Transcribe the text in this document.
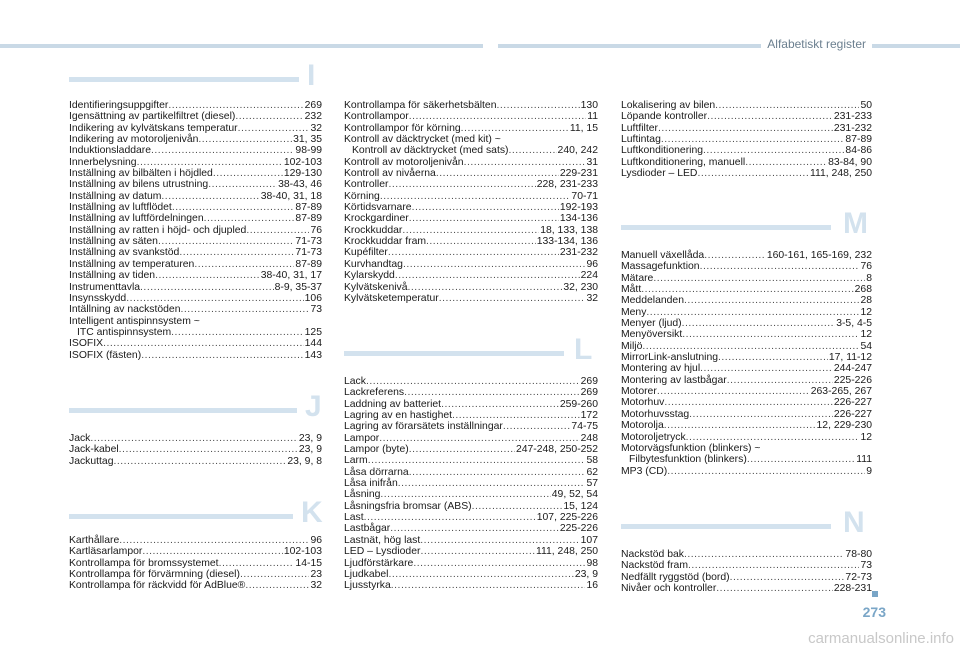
Alfabetiskt register
I
J
K
L
M
N
Identifieringsuppgifter .....	269
Igensättning av partikelfiltret (diesel) .....	232
Indikering av kylvätskans temperatur .....	32
Indikering av motoroljenivån .....	31, 35
Induktionsladdare .....	98-99
Innerbelysning .....	102-103
Inställning av bilbälten i höjdled .....	129-130
Inställning av bilens utrustning .....	38-43, 46
Inställning av datum .....	38-40, 31, 18
Inställning av luftflödet .....	87-89
Inställning av luftfördelningen .....	87-89
Inställning av ratten i höjd- och djupled .....	76
Inställning av säten .....	71-73
Inställning av svankstöd .....	71-73
Inställning av temperaturen .....	87-89
Inställning av tiden .....	38-40, 31, 17
Instrumenttavla .....	8-9, 35-37
Insynsskydd .....	106
Intällning av nackstöden .....	73
Intelligent antispinnsystem ~
ITC antispinnsystem .....	125
ISOFIX .....	144
ISOFIX (fästen) .....	143
Jack .....	23, 9
Jack-kabel .....	23, 9
Jackuttag .....	23, 9, 8
Karthållare .....	96
Kartläsarlampor .....	102-103
Kontrollampa för bromssystemet .....	14-15
Kontrollampa för förvärmning (diesel) .....	23
Kontrollampa för räckvidd för AdBlue® .....	32
Kontrollampa för säkerhetsbälten .....	130
Kontrollampor .....	11
Kontrollampor för körning .....	11, 15
Kontroll av däcktrycket (med kit) ~
Kontroll av däcktrycket (med sats) .....	240, 242
Kontroll av motoroljenivån .....	31
Kontroll av nivåerna .....	229-231
Kontroller .....	228, 231-233
Körning .....	70-71
Körtidsvarnare .....	192-193
Krockgardiner .....	134-136
Krockkuddar .....	18, 133, 138
Krockkuddar fram .....	133-134, 136
Kupéfilter .....	231-232
Kurvhandtag .....	96
Kylarskydd .....	224
Kylvätskenivå .....	32, 230
Kylvätsketemperatur .....	32
Lack .....	269
Lackreferens .....	269
Laddning av batteriet .....	259-260
Lagring av en hastighet .....	172
Lagring av förarsätets inställningar .....	74-75
Lampor .....	248
Lampor (byte) .....	247-248, 250-252
Larm .....	58
Låsa dörrarna .....	62
Låsa inifrån .....	57
Låsning .....	49, 52, 54
Låsningsfria bromsar (ABS) .....	15, 124
Last .....	107, 225-226
Lastbågar .....	225-226
Lastnät, hög last .....	107
LED – Lysdioder .....	111, 248, 250
Ljudförstärkare .....	98
Ljudkabel .....	23, 9
Ljusstyrka .....	16
Lokalisering av bilen .....	50
Löpande kontroller .....	231-233
Luftfilter .....	231-232
Luftintag .....	87-89
Luftkonditionering .....	84-86
Luftkonditionering, manuell .....	83-84, 90
Lysdioder – LED .....	111, 248, 250
Manuell växellåda .....	160-161, 165-169, 232
Massagefunktion .....	76
Mätare .....	8
Mått .....	268
Meddelanden .....	28
Meny .....	12
Menyer (ljud) .....	3-5, 4-5
Menyöversikt .....	12
Miljö .....	54
MirrorLink-anslutning .....	17, 11-12
Montering av hjul .....	244-247
Montering av lastbågar .....	225-226
Motorer .....	263-265, 267
Motorhuv .....	226-227
Motorhuvsstag .....	226-227
Motorolja .....	12, 229-230
Motoroljetryck .....	12
Motorvägsfunktion (blinkers) ~
Filbytesfunktion (blinkers) .....	111
MP3 (CD) .....	9
Nackstöd bak .....	78-80
Nackstöd fram .....	73
Nedfällt ryggstöd (bord) .....	72-73
Nivåer och kontroller .....	228-231
273
carmanualsonline.info
